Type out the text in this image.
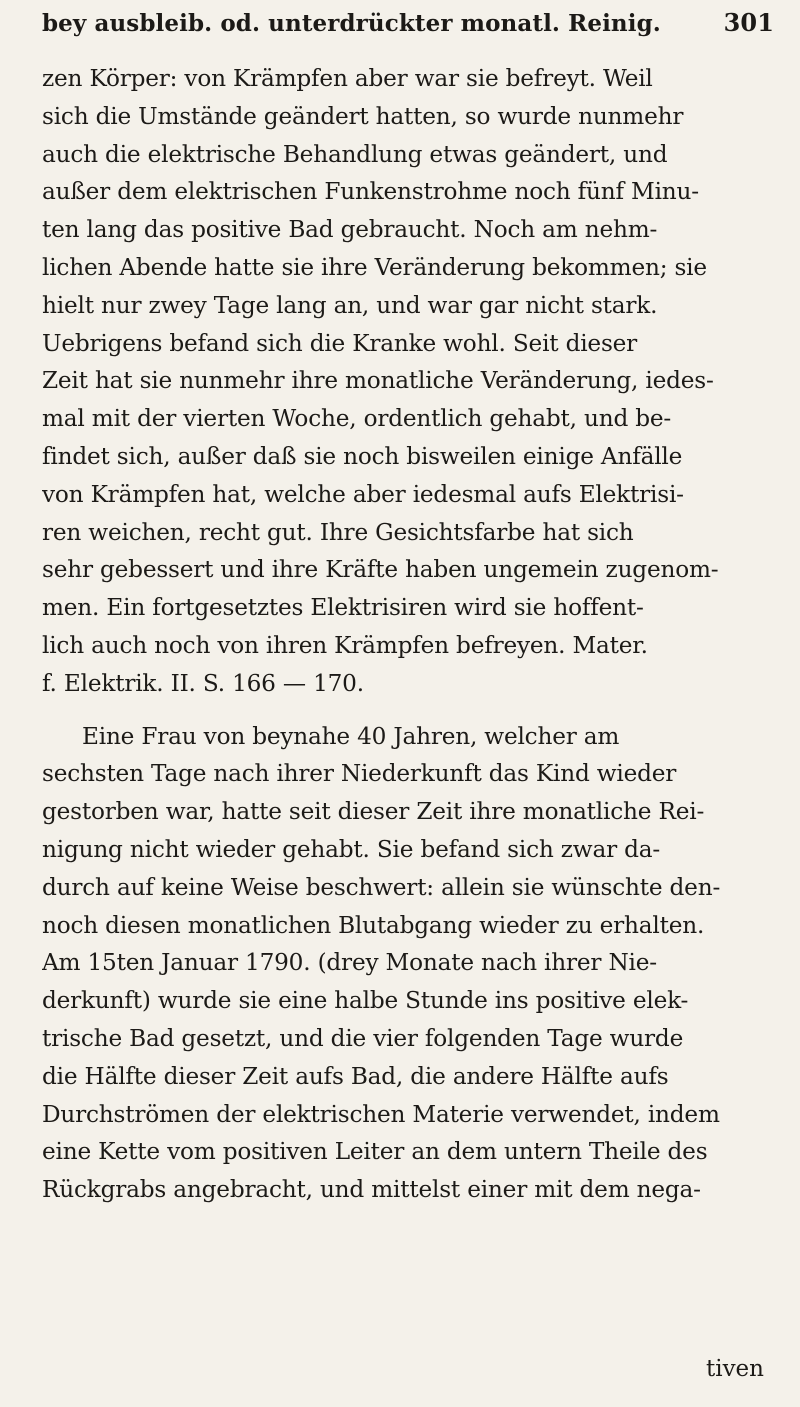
bey ausbleib. od. unterdrückter monatl. Reinig.	301
zen Körper: von Krämpfen aber war sie befreyt. Weil
sich die Umstände geändert hatten, so wurde nunmehr
auch die elektrische Behandlung etwas geändert, und
außer dem elektrischen Funkenstrohme noch fünf Minu-
ten lang das positive Bad gebraucht. Noch am nehm-
lichen Abende hatte sie ihre Veränderung bekommen; sie
hielt nur zwey Tage lang an, und war gar nicht stark.
Uebrigens befand sich die Kranke wohl. Seit dieser
Zeit hat sie nunmehr ihre monatliche Veränderung, iedes-
mal mit der vierten Woche, ordentlich gehabt, und be-
findet sich, außer daß sie noch bisweilen einige Anfälle
von Krämpfen hat, welche aber iedesmal aufs Elektrisi-
ren weichen, recht gut. Ihre Gesichtsfarbe hat sich
sehr gebessert und ihre Kräfte haben ungemein zugenom-
men. Ein fortgesetztes Elektrisiren wird sie hoffent-
lich auch noch von ihren Krämpfen befreyen. Mater.
f. Elektrik. II. S. 166 — 170.
Eine Frau von beynahe 40 Jahren, welcher am
sechsten Tage nach ihrer Niederkunft das Kind wieder
gestorben war, hatte seit dieser Zeit ihre monatliche Rei-
nigung nicht wieder gehabt. Sie befand sich zwar da-
durch auf keine Weise beschwert: allein sie wünschte den-
noch diesen monatlichen Blutabgang wieder zu erhalten.
Am 15ten Januar 1790. (drey Monate nach ihrer Nie-
derkunft) wurde sie eine halbe Stunde ins positive elek-
trische Bad gesetzt, und die vier folgenden Tage wurde
die Hälfte dieser Zeit aufs Bad, die andere Hälfte aufs
Durchströmen der elektrischen Materie verwendet, indem
eine Kette vom positiven Leiter an dem untern Theile des
Rückgrabs angebracht, und mittelst einer mit dem nega-
tiven
